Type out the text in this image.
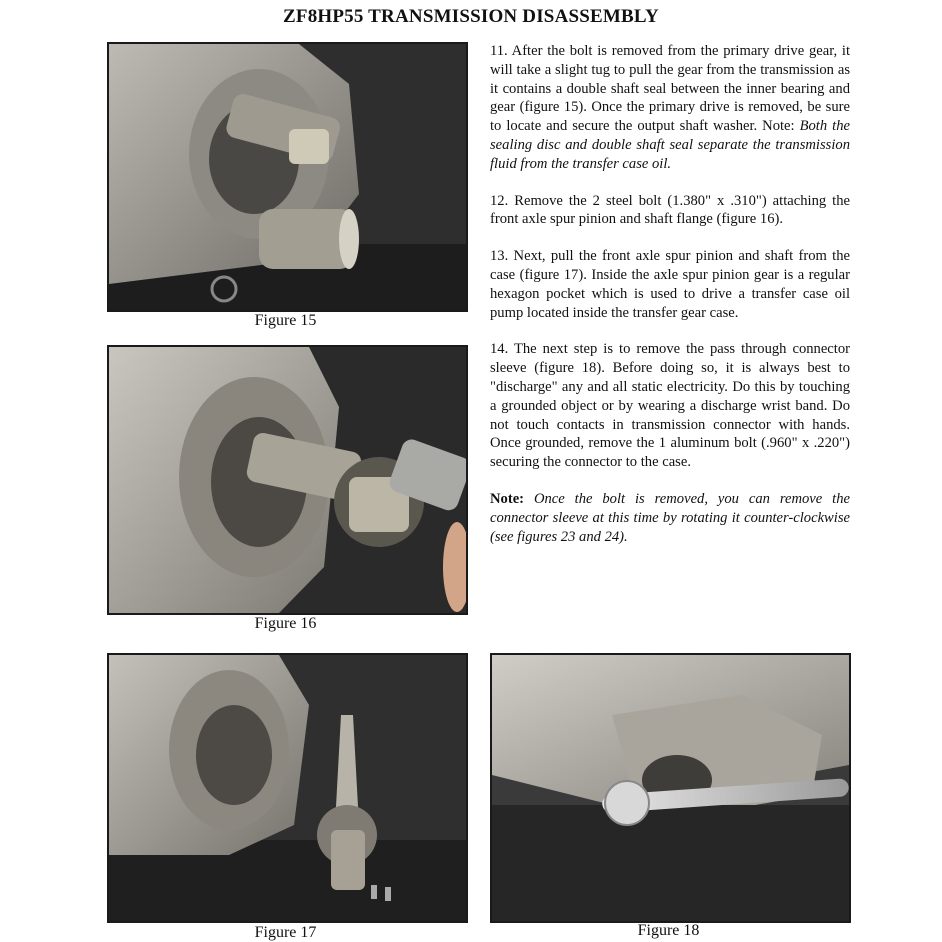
ZF8HP55 TRANSMISSION DISASSEMBLY
Figure 15
Figure 16
Figure 17	Figure 18

11. After the bolt is removed from the primary drive gear, it will take a slight tug to pull the gear from the transmission as it contains a double shaft seal between the inner bearing and gear (figure 15). Once the primary drive is removed, be sure to locate and secure the output shaft washer. Note: Both the sealing disc and double shaft seal separate the transmission fluid from the transfer case oil.

12. Remove the 2 steel bolt (1.380" x .310") attaching the front axle spur pinion and shaft flange (figure 16).

13. Next, pull the front axle spur pinion and shaft from the case (figure 17). Inside the axle spur pinion gear is a regular hexagon pocket which is used to drive a transfer case oil pump located inside the transfer gear case.

14. The next step is to remove the pass through connector sleeve (figure 18). Before doing so, it is always best to "discharge" any and all static electricity. Do this by touching a grounded object or by wearing a discharge wrist band. Do not touch contacts in transmission connector with hands. Once grounded, remove the 1 aluminum bolt (.960" x .220") securing the connector to the case.

Note: Once the bolt is removed, you can remove the connector sleeve at this time by rotating it counter-clockwise (see figures 23 and 24).
